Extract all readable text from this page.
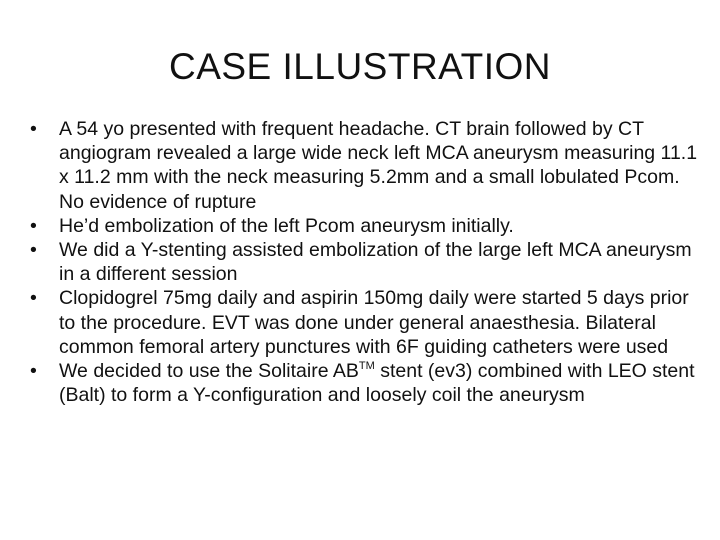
CASE ILLUSTRATION
•	A 54 yo presented with frequent headache. CT brain followed by CT angiogram revealed a large wide neck left MCA aneurysm measuring 11.1 x 11.2 mm with the neck measuring 5.2mm and a small lobulated Pcom. No evidence of rupture
•	He’d embolization of the left Pcom aneurysm initially.
•	We did a Y-stenting assisted embolization of the large left MCA aneurysm in a different session
•	Clopidogrel 75mg daily and aspirin 150mg daily were started 5 days prior to the procedure. EVT was done under general anaesthesia. Bilateral common femoral artery punctures with 6F guiding catheters were used
•	We decided to use the Solitaire AB™ stent (ev3) combined with LEO stent (Balt) to form a Y-configuration and loosely coil the aneurysm
